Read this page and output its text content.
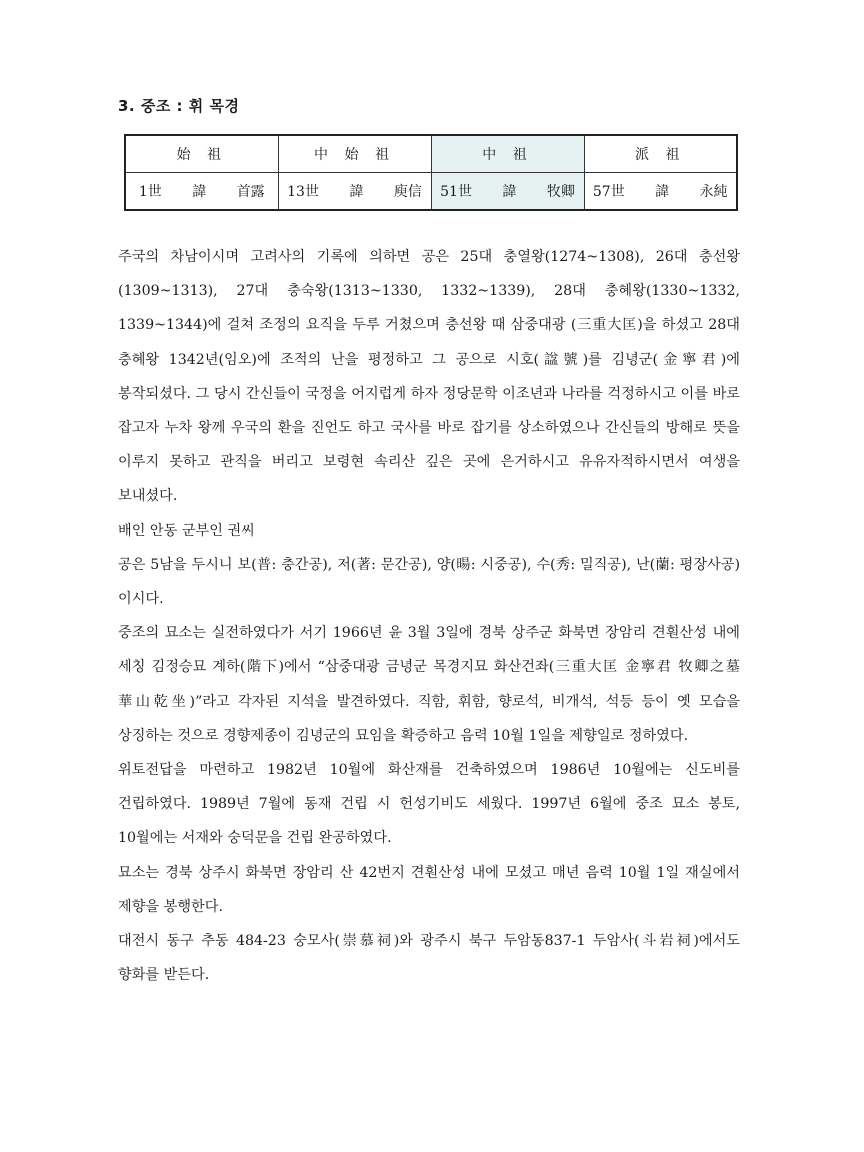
3. 중조 : 휘 목경
始 祖	中 始 祖	中 祖	派 祖
1世 　諱 　首露	13世 　諱 　庾信	51世 　諱 　牧卿	57世 　諱 　永純

주국의 차남이시며 고려사의 기록에 의하면 공은 25대 충열왕(1274~1308), 26대 충선왕(1309~1313), 27대 충숙왕(1313~1330, 1332~1339), 28대 충혜왕(1330~1332, 1339~1344)에 걸쳐 조정의 요직을 두루 거쳤으며 충선왕 때 삼중대광 (三重大匡)을 하셨고 28대 충혜왕 1342년(임오)에 조적의 난을 평정하고 그 공으로 시호(諡號)를 김녕군(金寧君)에 봉작되셨다. 그 당시 간신들이 국정을 어지럽게 하자 정당문학 이조년과 나라를 걱정하시고 이를 바로 잡고자 누차 왕께 우국의 환을 진언도 하고 국사를 바로 잡기를 상소하였으나 간신들의 방해로 뜻을 이루지 못하고 관직을 버리고 보령현 속리산 깊은 곳에 은거하시고 유유자적하시면서 여생을 보내셨다.

배인 안동 군부인 권씨

공은 5남을 두시니 보(普: 충간공), 저(著: 문간공), 양(暘: 시중공), 수(秀: 밀직공), 난(蘭: 평장사공)이시다.

중조의 묘소는 실전하였다가 서기 1966년 윤 3월 3일에 경북 상주군 화북면 장암리 견훤산성 내에 세칭 김정승묘 계하(階下)에서 “삼중대광 금녕군 목경지묘 화산건좌(三重大匡 金寧君 牧卿之墓 華山乾坐)”라고 각자된 지석을 발견하였다. 직함, 휘함, 향로석, 비개석, 석등 등이 옛 모습을 상징하는 것으로 경향제종이 김녕군의 묘임을 확증하고 음력 10월 1일을 제향일로 정하였다.

위토전답을 마련하고 1982년 10월에 화산재를 건축하였으며 1986년 10월에는 신도비를 건립하였다. 1989년 7월에 동재 건립 시 헌성기비도 세웠다. 1997년 6월에 중조 묘소 봉토, 10월에는 서재와 숭덕문을 건립 완공하였다.

묘소는 경북 상주시 화북면 장암리 산 42번지 견훤산성 내에 모셨고 매년 음력 10월 1일 재실에서 제향을 봉행한다.

대전시 동구 추동 484-23 숭모사(崇慕祠)와 광주시 북구 두암동837-1 두암사(斗岩祠)에서도 향화를 받든다.
